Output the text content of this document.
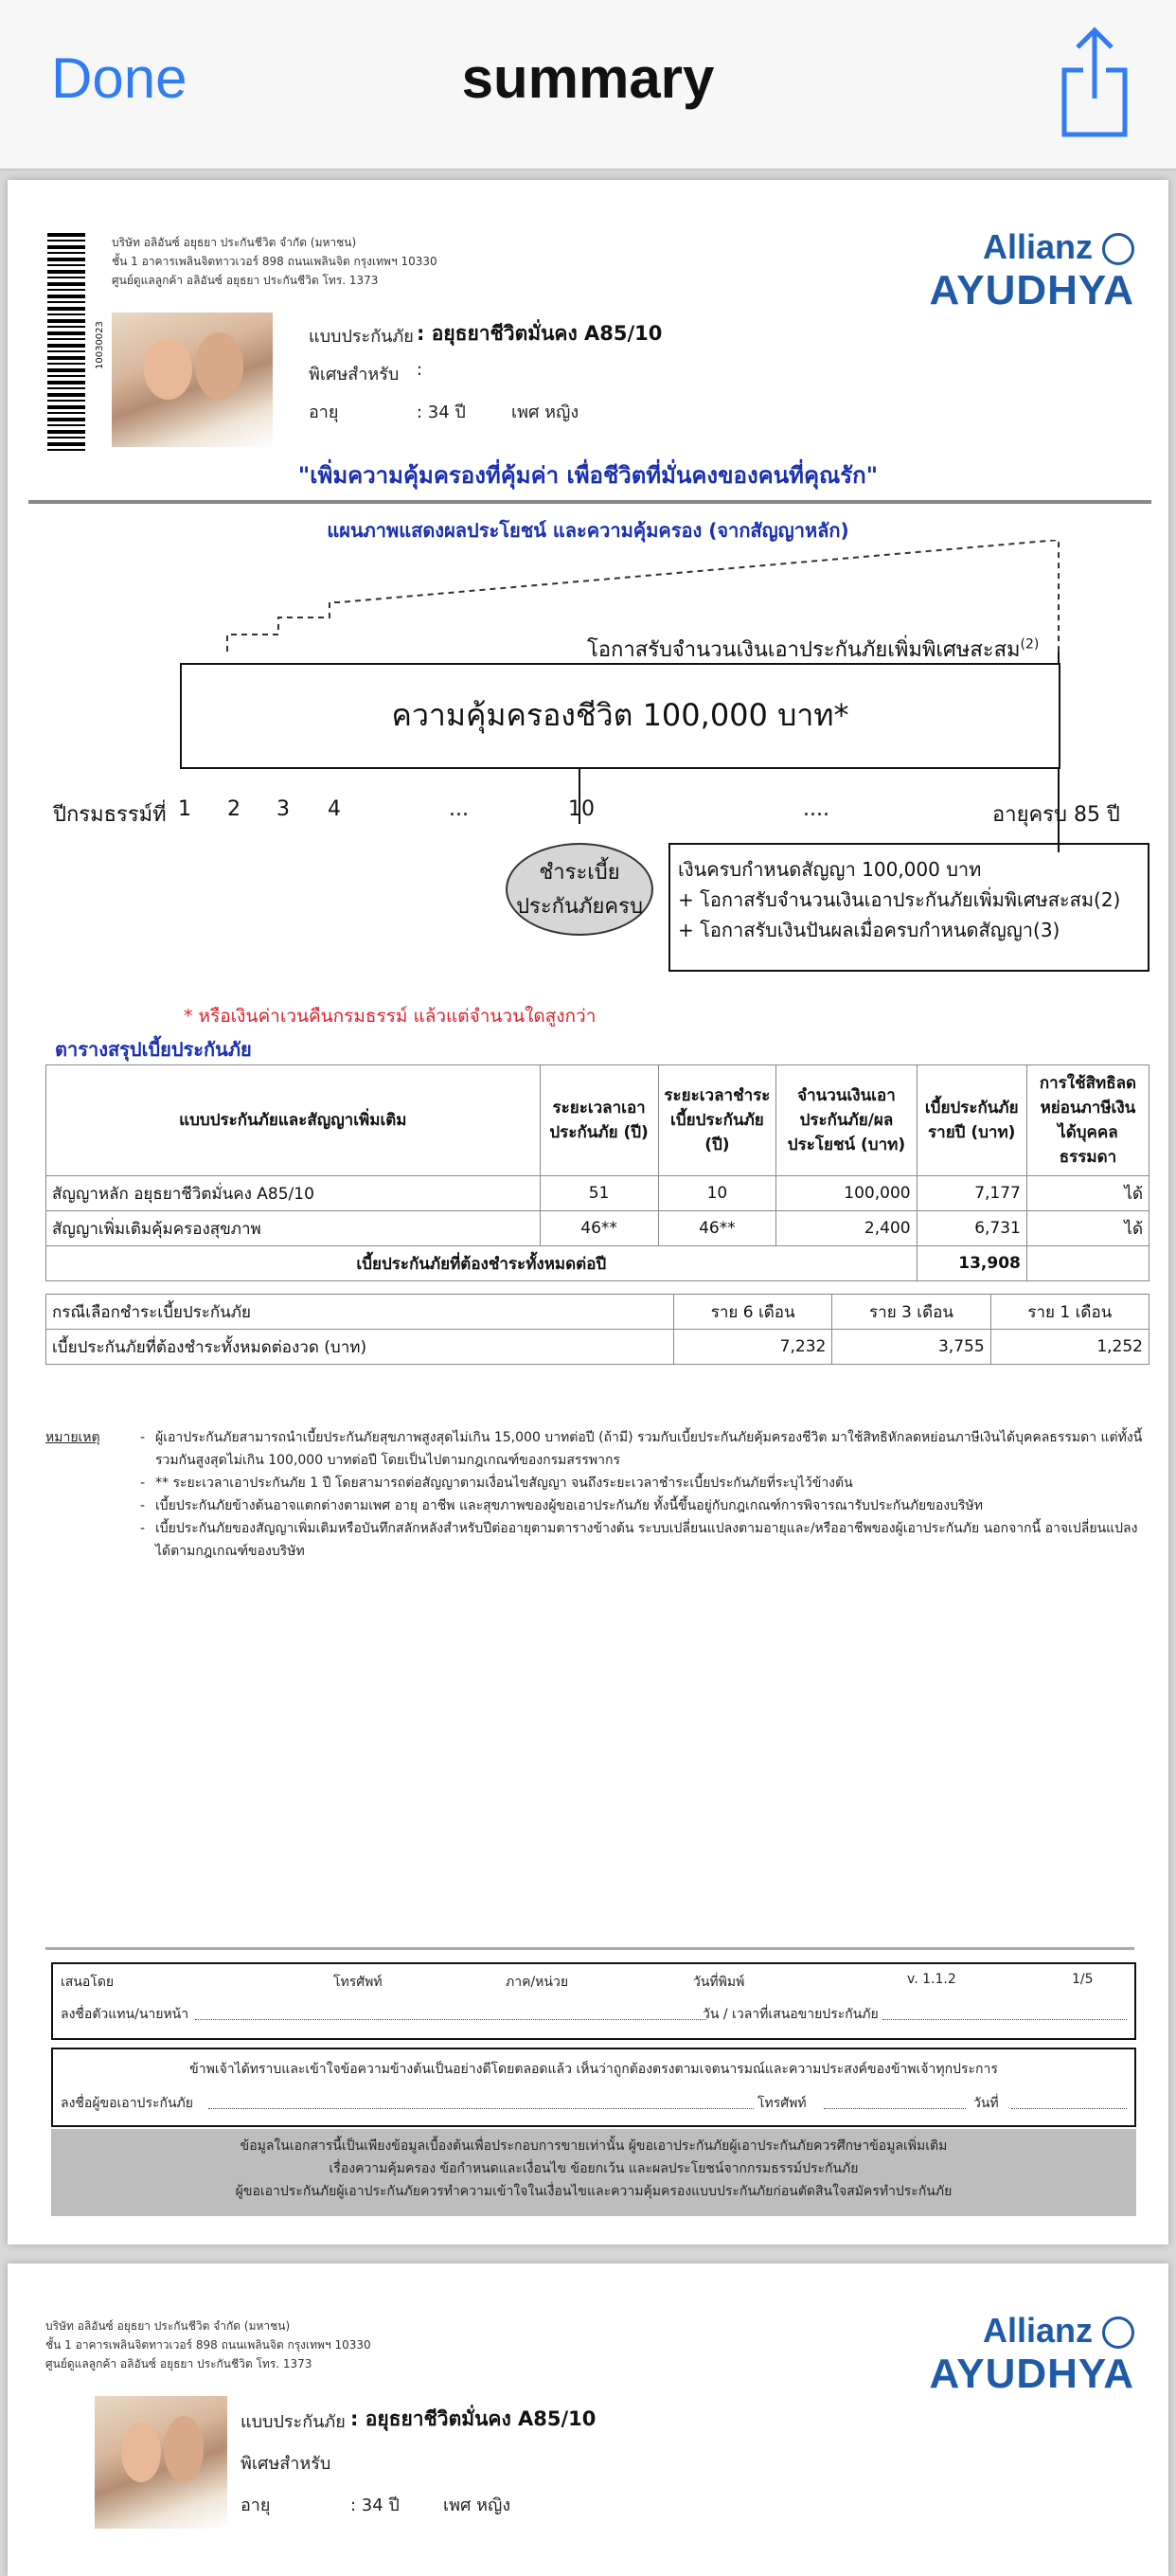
Done	summary
10030023
บริษัท อลิอันซ์ อยุธยา ประกันชีวิต จำกัด (มหาชน)
ชั้น 1 อาคารเพลินจิตทาวเวอร์ 898 ถนนเพลินจิต กรุงเทพฯ 10330
ศูนย์ดูแลลูกค้า อลิอันซ์ อยุธยา ประกันชีวิต โทร. 1373
Allianz
AYUDHYA
แบบประกันภัย : อยุธยาชีวิตมั่นคง A85/10
พิเศษสำหรับ :
อายุ	: 34 ปี	เพศ หญิง
"เพิ่มความคุ้มครองที่คุ้มค่า เพื่อชีวิตที่มั่นคงของคนที่คุณรัก"
แผนภาพแสดงผลประโยชน์ และความคุ้มครอง (จากสัญญาหลัก)
โอกาสรับจำนวนเงินเอาประกันภัยเพิ่มพิเศษสะสม$^{(2)}$
ความคุ้มครองชีวิต 100,000 บาท*
ปีกรมธรรม์ที่ 1 2 3 4	...	10	....	อายุครบ 85 ปี
ชำระเบี้ย
ประกันภัยครบ
เงินครบกำหนดสัญญา 100,000 บาท
+ โอกาสรับจำนวนเงินเอาประกันภัยเพิ่มพิเศษสะสม(2)
+ โอกาสรับเงินปันผลเมื่อครบกำหนดสัญญา(3)
* หรือเงินค่าเวนคืนกรมธรรม์ แล้วแต่จำนวนใดสูงกว่า
ตารางสรุปเบี้ยประกันภัย
แบบประกันภัยและสัญญาเพิ่มเติม	ระยะเวลาเอาประกันภัย (ปี)	ระยะเวลาชำระเบี้ยประกันภัย (ปี)	จำนวนเงินเอาประกันภัย/ผลประโยชน์ (บาท)	เบี้ยประกันภัยรายปี (บาท)	การใช้สิทธิลดหย่อนภาษีเงินได้บุคคลธรรมดา
สัญญาหลัก อยุธยาชีวิตมั่นคง A85/10	51	10	100,000	7,177	ได้
สัญญาเพิ่มเติมคุ้มครองสุขภาพ	46**	46**	2,400	6,731	ได้
เบี้ยประกันภัยที่ต้องชำระทั้งหมดต่อปี				13,908	
กรณีเลือกชำระเบี้ยประกันภัย	ราย 6 เดือน	ราย 3 เดือน	ราย 1 เดือน
เบี้ยประกันภัยที่ต้องชำระทั้งหมดต่องวด (บาท)	7,232	3,755	1,252
หมายเหตุ	- ผู้เอาประกันภัยสามารถนำเบี้ยประกันภัยสุขภาพสูงสุดไม่เกิน 15,000 บาทต่อปี (ถ้ามี) รวมกับเบี้ยประกันภัยคุ้มครองชีวิต มาใช้สิทธิหักลดหย่อนภาษีเงินได้บุคคลธรรมดา แต่ทั้งนี้รวมกันสูงสุดไม่เกิน 100,000 บาทต่อปี โดยเป็นไปตามกฎเกณฑ์ของกรมสรรพากร
- ** ระยะเวลาเอาประกันภัย 1 ปี โดยสามารถต่อสัญญาตามเงื่อนไขสัญญา จนถึงระยะเวลาชำระเบี้ยประกันภัยที่ระบุไว้ข้างต้น
- เบี้ยประกันภัยข้างต้นอาจแตกต่างตามเพศ อายุ อาชีพ และสุขภาพของผู้ขอเอาประกันภัย ทั้งนี้ขึ้นอยู่กับกฎเกณฑ์การพิจารณารับประกันภัยของบริษัท
- เบี้ยประกันภัยของสัญญาเพิ่มเติมหรือบันทึกสลักหลังสำหรับปีต่ออายุตามตารางข้างต้น ระบบเปลี่ยนแปลงตามอายุและ/หรืออาชีพของผู้เอาประกันภัย นอกจากนี้ อาจเปลี่ยนแปลงได้ตามกฎเกณฑ์ของบริษัท
เสนอโดย	โทรศัพท์	ภาค/หน่วย	วันที่พิมพ์	v. 1.1.2	1/5
ลงชื่อตัวแทน/นายหน้า	วัน / เวลาที่เสนอขายประกันภัย
ข้าพเจ้าได้ทราบและเข้าใจข้อความข้างต้นเป็นอย่างดีโดยตลอดแล้ว เห็นว่าถูกต้องตรงตามเจตนารมณ์และความประสงค์ของข้าพเจ้าทุกประการ
ลงชื่อผู้ขอเอาประกันภัย	โทรศัพท์	วันที่
ข้อมูลในเอกสารนี้เป็นเพียงข้อมูลเบื้องต้นเพื่อประกอบการขายเท่านั้น ผู้ขอเอาประกันภัยผู้เอาประกันภัยควรศึกษาข้อมูลเพิ่มเติม
เรื่องความคุ้มครอง ข้อกำหนดและเงื่อนไข ข้อยกเว้น และผลประโยชน์จากกรมธรรม์ประกันภัย
ผู้ขอเอาประกันภัยผู้เอาประกันภัยควรทำความเข้าใจในเงื่อนไขและความคุ้มครองแบบประกันภัยก่อนตัดสินใจสมัครทำประกันภัย
บริษัท อลิอันซ์ อยุธยา ประกันชีวิต จำกัด (มหาชน)
ชั้น 1 อาคารเพลินจิตทาวเวอร์ 898 ถนนเพลินจิต กรุงเทพฯ 10330
ศูนย์ดูแลลูกค้า อลิอันซ์ อยุธยา ประกันชีวิต โทร. 1373
Allianz
AYUDHYA
แบบประกันภัย : อยุธยาชีวิตมั่นคง A85/10
พิเศษสำหรับ
อายุ	: 34 ปี	เพศ หญิง
